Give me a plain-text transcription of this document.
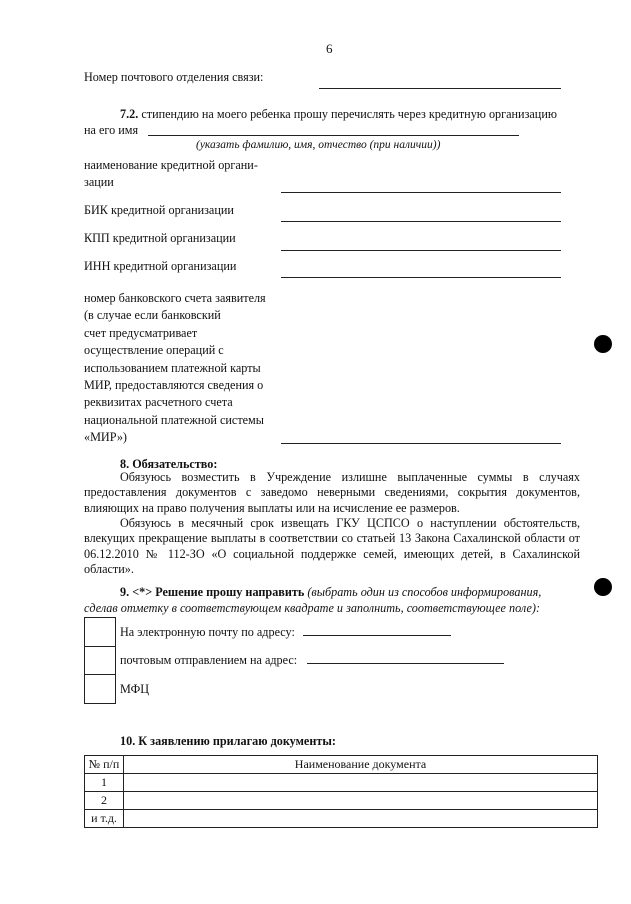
6
Номер почтового отделения связи:
7.2. стипендию на моего ребенка прошу перечислять через кредитную организацию
на его имя
(указать фамилию, имя, отчество (при наличии))
наименование кредитной органи-
зации
БИК кредитной организации
КПП кредитной организации
ИНН кредитной организации
номер банковского счета заявителя
(в случае если банковский
счет предусматривает
осуществление операций с
использованием платежной карты
МИР, предоставляются сведения о
реквизитах расчетного счета
национальной платежной системы
«МИР»)
8. Обязательство:
Обязуюсь возместить в Учреждение излишне выплаченные суммы в случаях предоставления документов с заведомо неверными сведениями, сокрытия документов, влияющих на право получения выплаты или на исчисление ее размеров.
Обязуюсь в месячный срок извещать ГКУ ЦСПСО о наступлении обстоятельств, влекущих прекращение выплаты в соответствии со статьей 13 Закона Сахалинской области от 06.12.2010 № 112-ЗО «О социальной поддержке семей, имеющих детей, в Сахалинской области».
9. <*> Решение прошу направить (выбрать один из способов информирования,
сделав отметку в соответствующем квадрате и заполнить, соответствующее поле):
На электронную почту по адресу:
почтовым отправлением на адрес:
МФЦ
10. К заявлению прилагаю документы:
№ п/п	Наименование документа
1	
2	
и т.д.	
